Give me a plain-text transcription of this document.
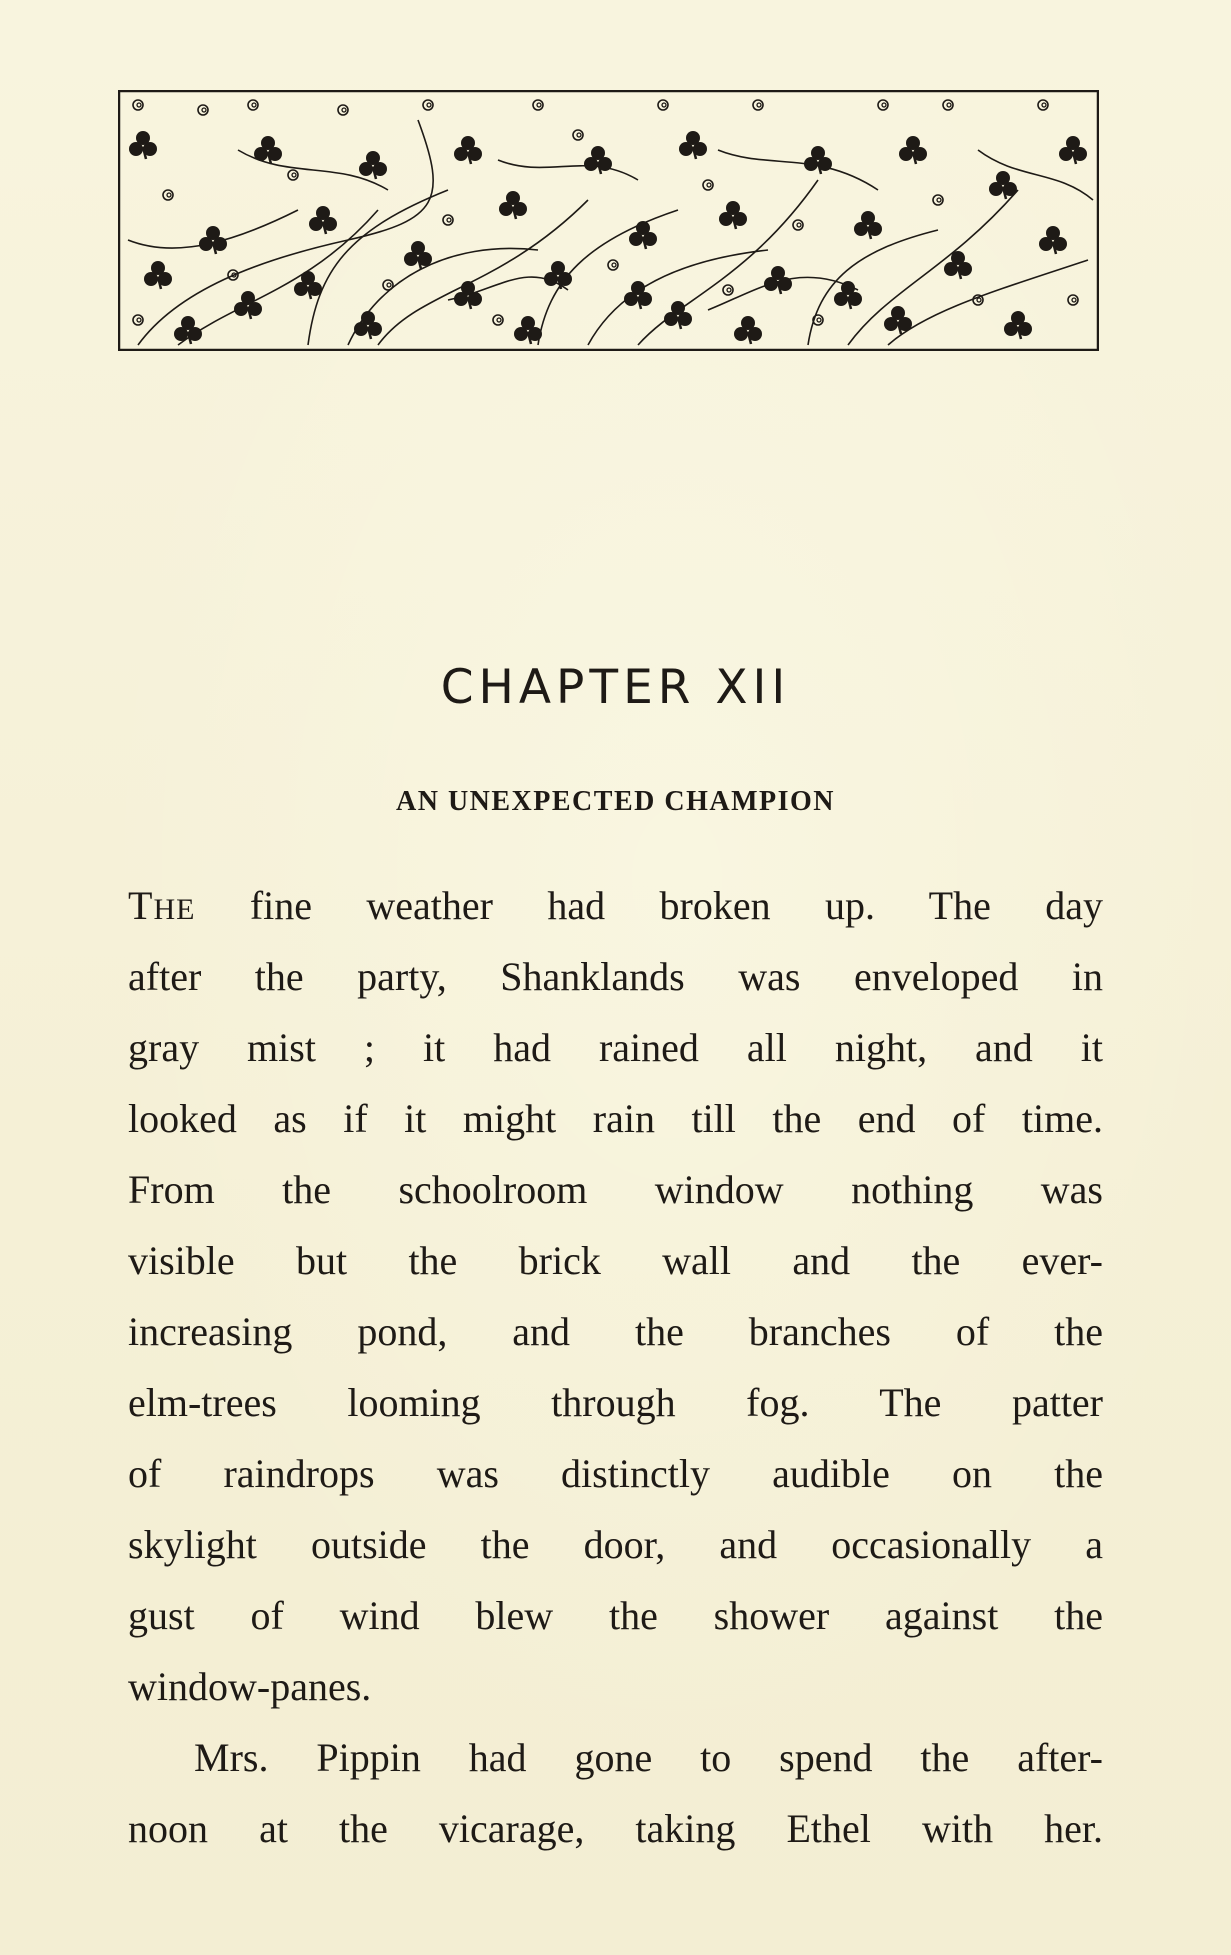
CHAPTER XII
AN UNEXPECTED CHAMPION
THE fine weather had broken up. The day
after the party, Shanklands was enveloped in
gray mist ; it had rained all night, and it
looked as if it might rain till the end of time.
From the schoolroom window nothing was
visible but the brick wall and the ever-
increasing pond, and the branches of the
elm-trees looming through fog. The patter
of raindrops was distinctly audible on the
skylight outside the door, and occasionally a
gust of wind blew the shower against the
window-panes.
Mrs. Pippin had gone to spend the after-
noon at the vicarage, taking Ethel with her.
